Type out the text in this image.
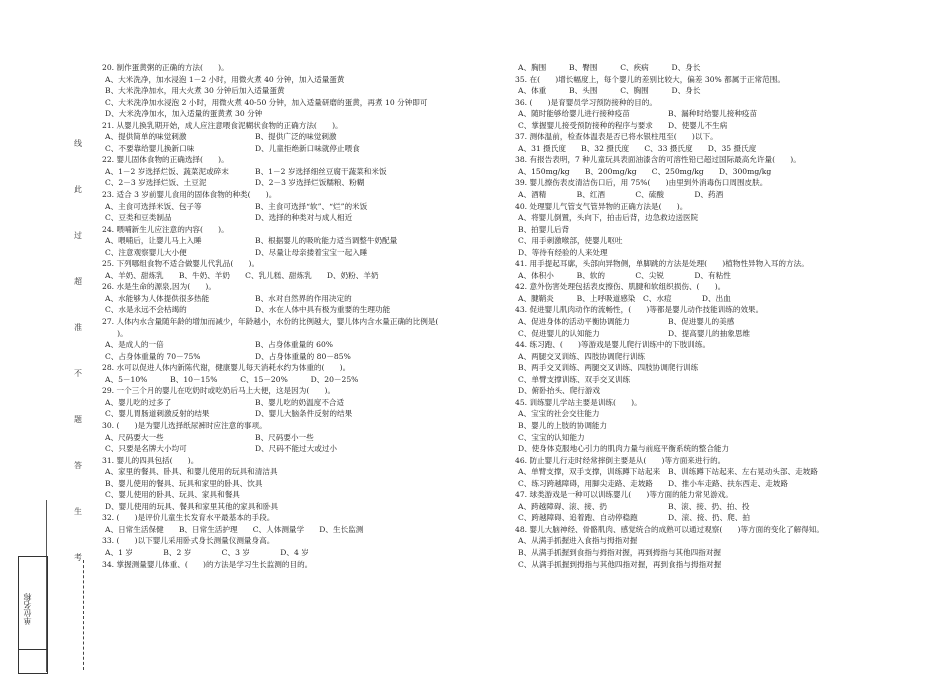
线
此
过
超
准
不
题
答
生
考
单位名称
20. 制作蛋黄粥的正确的方法(　　)。
A、大米洗净，加水浸泡 1－2 小时，用微火煮 40 分钟，加入适量蛋黄
B、大米洗净加水，用大火煮 30 分钟后加入适量蛋黄
C、大米洗净加水浸泡 2 小时，用微火煮 40-50 分钟，加入适量研磨的蛋黄，再煮 10 分钟即可
D、大米洗净加水，加入适量的蛋黄煮 30 分钟
21. 从婴儿换乳期开始，成人应注意喂食泥糊状食物的正确方法(　　)。
A、提供简单的味觉刺激	B、提供广泛的味觉刺激
C、不要靠给婴儿换新口味	D、儿童拒绝新口味就停止喂食
22. 婴儿固体食物的正确选择(　　)。
A、1－2 岁选择烂饭、蔬菜泥或碎末	B、1－2 岁选择细丝豆腐干蔬菜和米饭
C、2－3 岁选择烂饭、土豆泥	D、2－3 岁选择烂饭糯粮、粉糊
23. 适合 3 岁前婴儿食用的固体食物的种类(　　)。
A、主食可选择米饭、包子等	B、主食可选择“软”、“烂”的米饭
C、豆类和豆类制品	D、选择的种类对与成人相近
24. 喂哺新生儿应注意的内容(　　)。
A、喂哺后，让婴儿马上入睡	B、根据婴儿的吸吮能力适当调整牛奶配量
C、注意观察婴儿大小便	D、尽量让母亲搂着宝宝一起入睡
25. 下列哪组食物不适合做婴儿代乳品(　　)。
A、羊奶、甜炼乳　　B、牛奶、羊奶　　C、乳儿糕、甜炼乳　　D、奶粉、羊奶
26. 水是生命的源泉,因为(　　)。
A、水能够为人体提供很多热能	B、水对自然界的作用决定的
C、水是永远不会枯竭的	D、水在人体中具有极为重要的生理功能
27. 人体内水含量随年龄的增加而减少，年龄越小，水份的比例越大，婴儿体内含水量正确的比例是(
　　)。
A、是成人的一倍	B、占身体重量的 60%
C、占身体重量的 70－75%	D、占身体重量的 80－85%
28. 水可以促进人体内新陈代谢，健康婴儿每天消耗水约为体重的(　　)。
A、5－10%　　　B、10－15%　　　C、15－20%　　　D、20－25%
29. 一个三个月的婴儿在吃奶时或吃奶后马上大便，这是因为(　　)。
A、婴儿吃的过多了	B、婴儿吃的奶温度不合适
C、婴儿胃肠道刺激反射的结果	D、婴儿大脑条件反射的结果
30. (　　)是为婴儿选择纸尿裤时应注意的事项。
A、尺码要大一些	B、尺码要小一些
C、只要是名牌大小均可	D、尺码不能过大或过小
31. 婴儿的四具包括(　　)。
A、家里的餐具、卧具、和婴儿使用的玩具和清洁具
B、婴儿使用的餐具、玩具和家里的卧具、饮具
C、婴儿使用的卧具、玩具、家具和餐具
D、婴儿使用的玩具、餐具和家里其他的家具和卧具
32. (　　)是评价儿童生长发育水平最基本的手段。
A、日常生活保健　　B、日常生活护理　　C、人体测量学　　D、生长监测
33. (　　)以下婴儿采用卧式身长测量仪测量身高。
A、1 岁　　　　B、2 岁　　　　C、3 岁　　　　D、4 岁
34. 掌握测量婴儿体重、(　　)的方法是学习生长监测的目的。
A、胸围　　　B、臀围　　　C、疾病　　　D、身长
35. 在(　　)增长幅度上，每个婴儿的差别比较大，偏差 30% 都属于正常范围。
A、体重　　　B、头围　　　C、胸围　　　D、身长
36. (　　)是育婴员学习预防接种的目的。
A、随时能够给婴儿进行接种疫苗	B、漏种时给婴儿接种疫苗
C、掌握婴儿接受预防接种的程序与要求 D、使婴儿不生病
37. 测体温前，检查体温表是否已将水银柱甩至(　　)以下。
A、31 摄氏度　　B、32 摄氏度　　C、33 摄氏度　　D、35 摄氏度
38. 有报告表明，7 种儿童玩具表面油漆含的可溶性铅已超过国际最高允许量(　　)。
A、150mg/kg　　B、200mg/kg　　C、250mg/kg　　D、300mg/kg
39. 婴儿擦伤表皮清洁伤口后，用 75%(　　)由里到外消毒伤口周围皮肤。
A、酒精　　　　B、红酒　　　　C、硫酸　　　　D、药酒
40. 处理婴儿气管支气管异物的正确方法是(　　)。
A、将婴儿倒置，头向下，拍击后背，边急救边送医院
B、拍婴儿后背
C、用手刺激喉部，使婴儿呕吐
D、等待有经验的人来处理
41. 用手提起耳廓，头部向异物侧，单脚跳的方法是处理(　　)植物性异物入耳的方法。
A、体积小　　　B、软的　　　　C、尖锐　　　　D、有粘性
42. 意外伤害处理包括表皮擦伤、肌腱和软组织损伤、(　　)。
A、腱鞘炎　　　B、上呼吸道感染　C、水痘　　　　D、出血
43. 促进婴儿肌肉动作的流畅性，(　　)等都是婴儿动作技能训练的效果。
A、促进身体的活动平衡协调能力	B、促进婴儿的美感
C、促进婴儿的认知能力	D、提高婴儿的抽象思维
44. 练习跑、(　　)等游戏是婴儿爬行训练中的下肢训练。
A、两腿交叉训练、四肢协调爬行训练
B、两手交叉训练、两腿交叉训练、四肢协调爬行训练
C、单臂支撑训练、双手交叉训练
D、俯卧抬头、爬行游戏
45. 训练婴儿学站主要是训练(　　)。
A、宝宝的社会交往能力
B、婴儿的上肢的协调能力
C、宝宝的认知能力
D、使身体克服地心引力的肌肉力量与前庭平衡系统的整合能力
46. 防止婴儿行走时经常摔倒主要是从(　　)等方面来进行的。
A、单臂支撑，双手支撑，训练蹲下站起来 B、训练蹲下站起来、左右晃动头部、走坡路
C、练习跨越障碍，用脚尖走路、走坡路 D、推小车走路、扶东西走、走坡路
47. 球类游戏是一种可以训练婴儿(　　)等方面的能力常见游戏。
A、跨越障碍、滚、接、扔	B、滚、接、扔、拍、投
C、跨越障碍、追着跑、自动停稳跑	D、滚、接、扔、爬、拍
48. 婴儿大脑神经、骨骼肌肉、感觉统合的成熟可以通过观察(　　)等方面的变化了解得知。
A、从满手抓握进入食指与拇指对握
B、从满手抓握到食指与拇指对握，再到拇指与其他四指对握
C、从满手抓握到拇指与其他四指对握，再到食指与拇指对握
